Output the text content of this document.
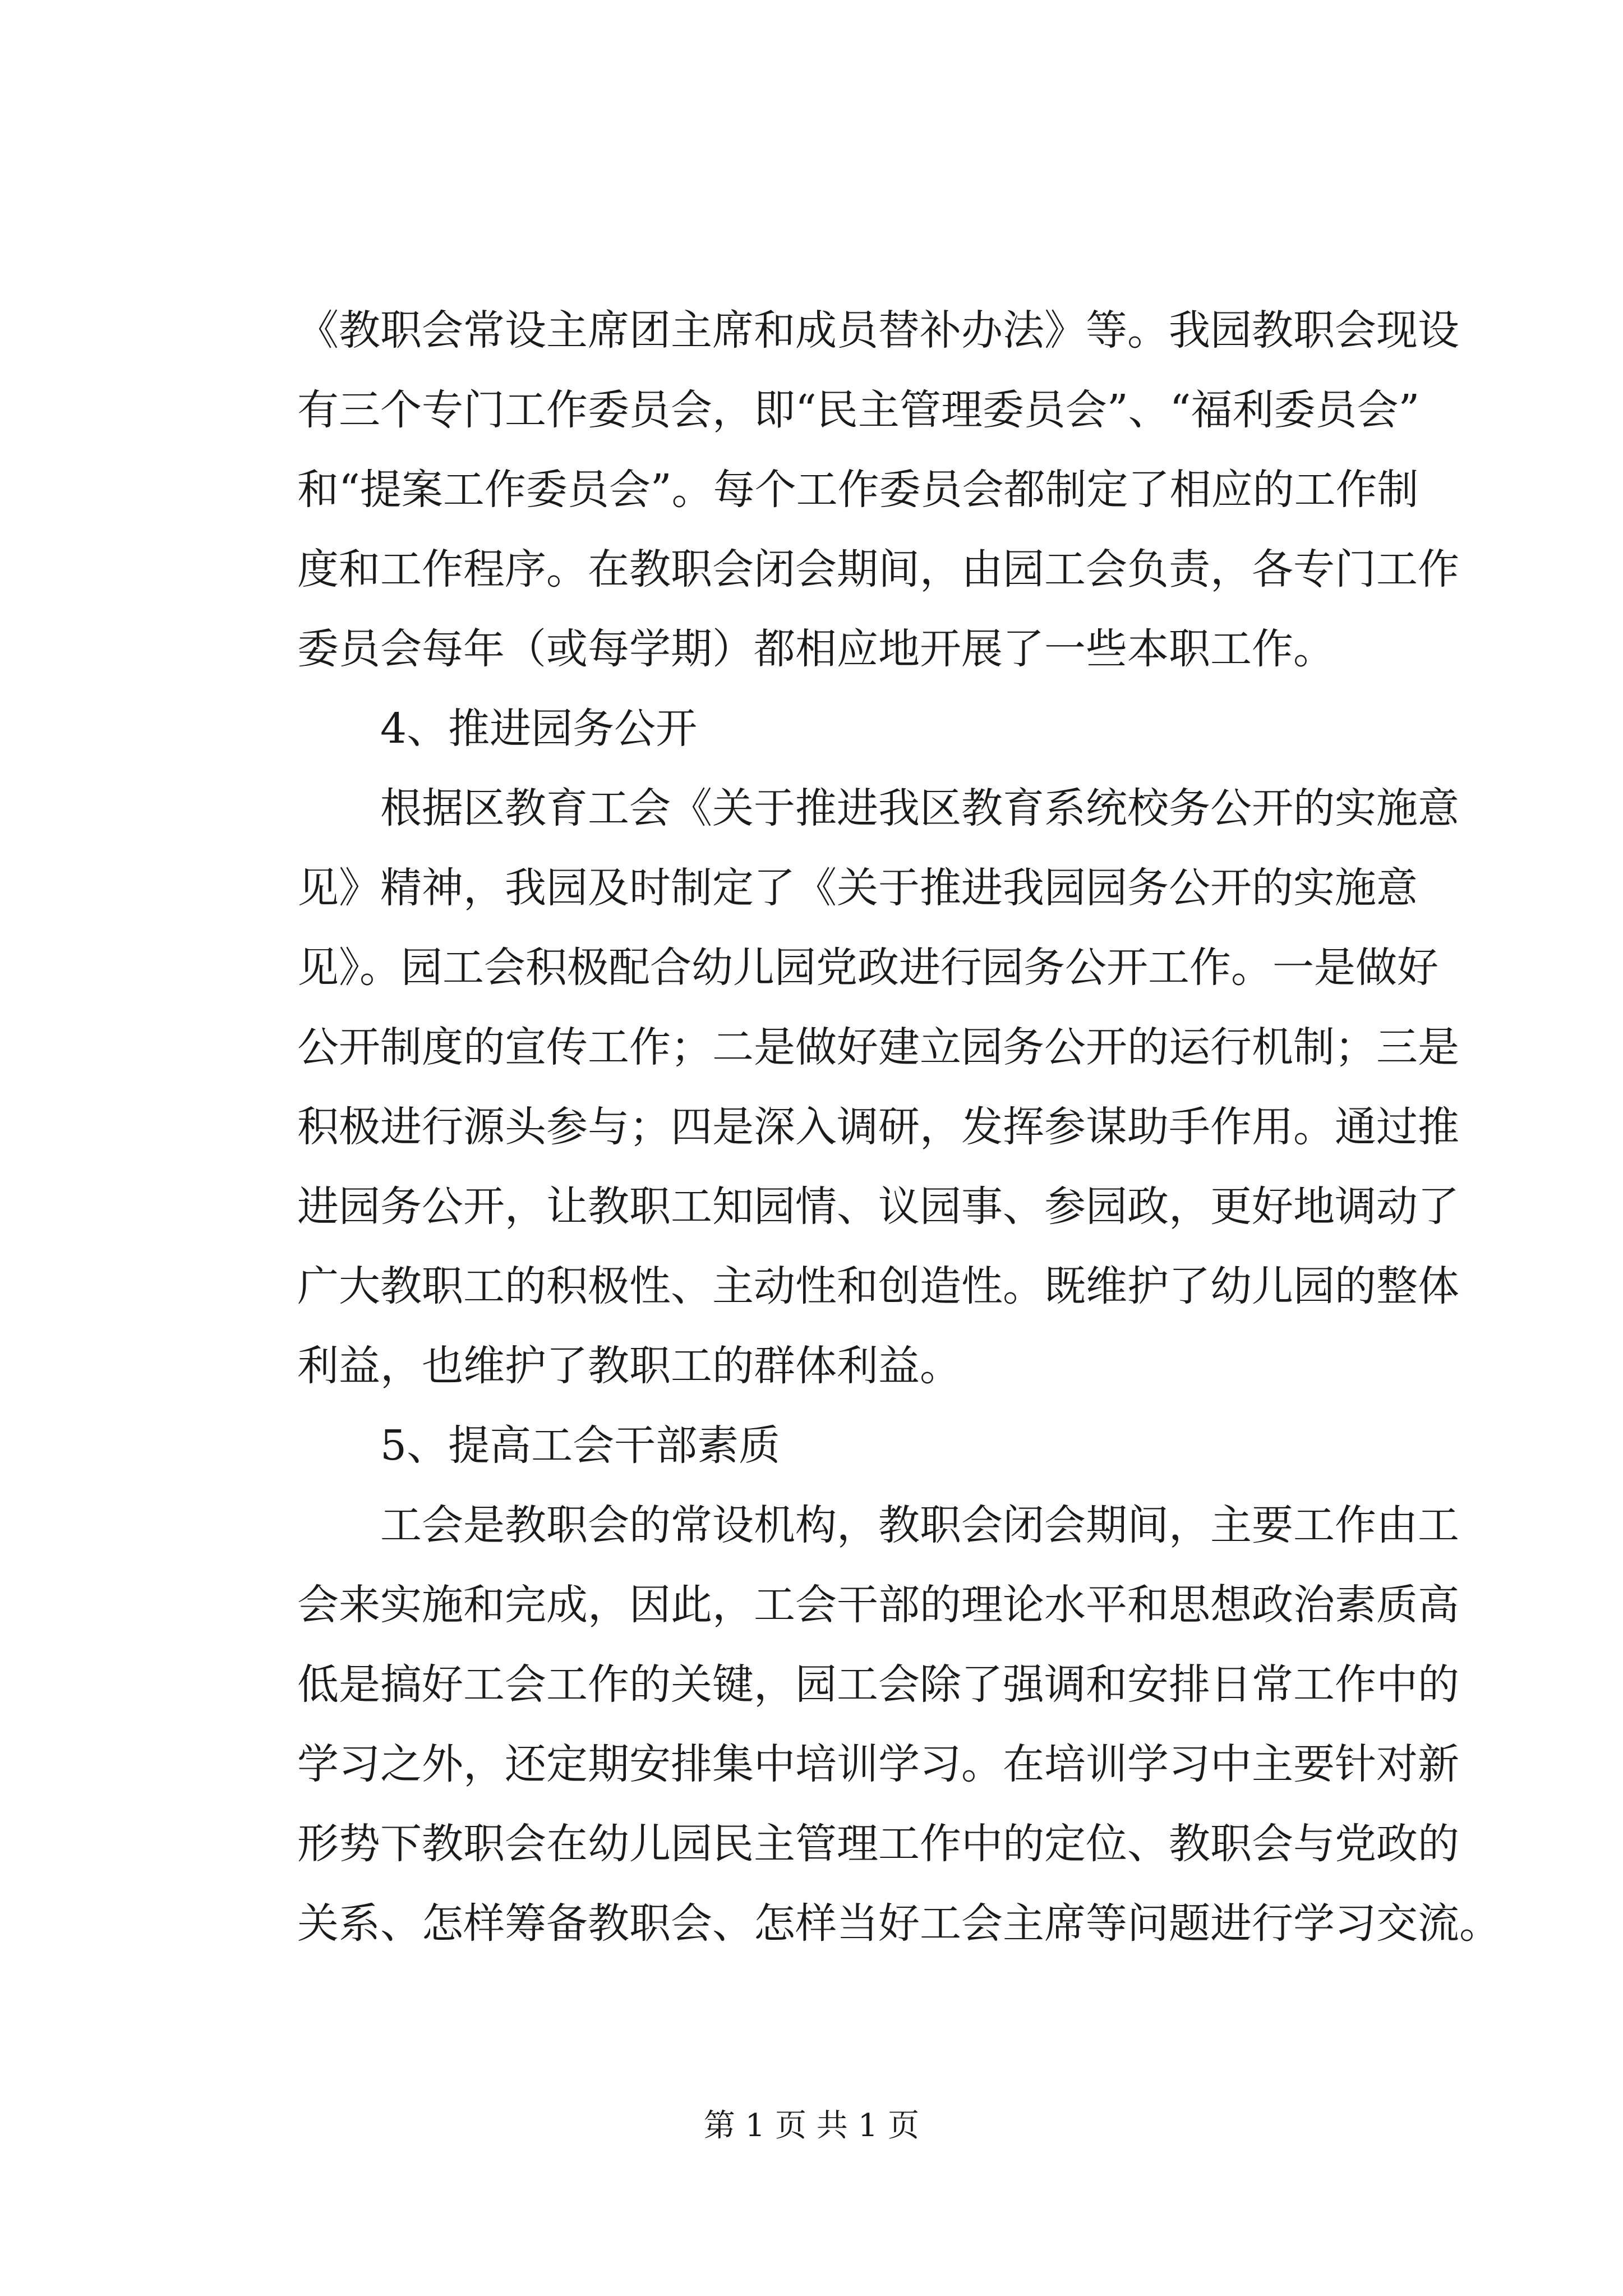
《教职会常设主席团主席和成员替补办法》等。我园教职会现设
有三个专门工作委员会，即“民主管理委员会”、“福利委员会”
和“提案工作委员会”。每个工作委员会都制定了相应的工作制
度和工作程序。在教职会闭会期间，由园工会负责，各专门工作
委员会每年（或每学期）都相应地开展了一些本职工作。
4、推进园务公开
根据区教育工会《关于推进我区教育系统校务公开的实施意
见》精神，我园及时制定了《关于推进我园园务公开的实施意
见》。园工会积极配合幼儿园党政进行园务公开工作。一是做好
公开制度的宣传工作；二是做好建立园务公开的运行机制；三是
积极进行源头参与；四是深入调研，发挥参谋助手作用。通过推
进园务公开，让教职工知园情、议园事、参园政，更好地调动了
广大教职工的积极性、主动性和创造性。既维护了幼儿园的整体
利益，也维护了教职工的群体利益。
5、提高工会干部素质
工会是教职会的常设机构，教职会闭会期间，主要工作由工
会来实施和完成，因此，工会干部的理论水平和思想政治素质高
低是搞好工会工作的关键，园工会除了强调和安排日常工作中的
学习之外，还定期安排集中培训学习。在培训学习中主要针对新
形势下教职会在幼儿园民主管理工作中的定位、教职会与党政的
关系、怎样筹备教职会、怎样当好工会主席等问题进行学习交流。
第 1 页 共 1 页
